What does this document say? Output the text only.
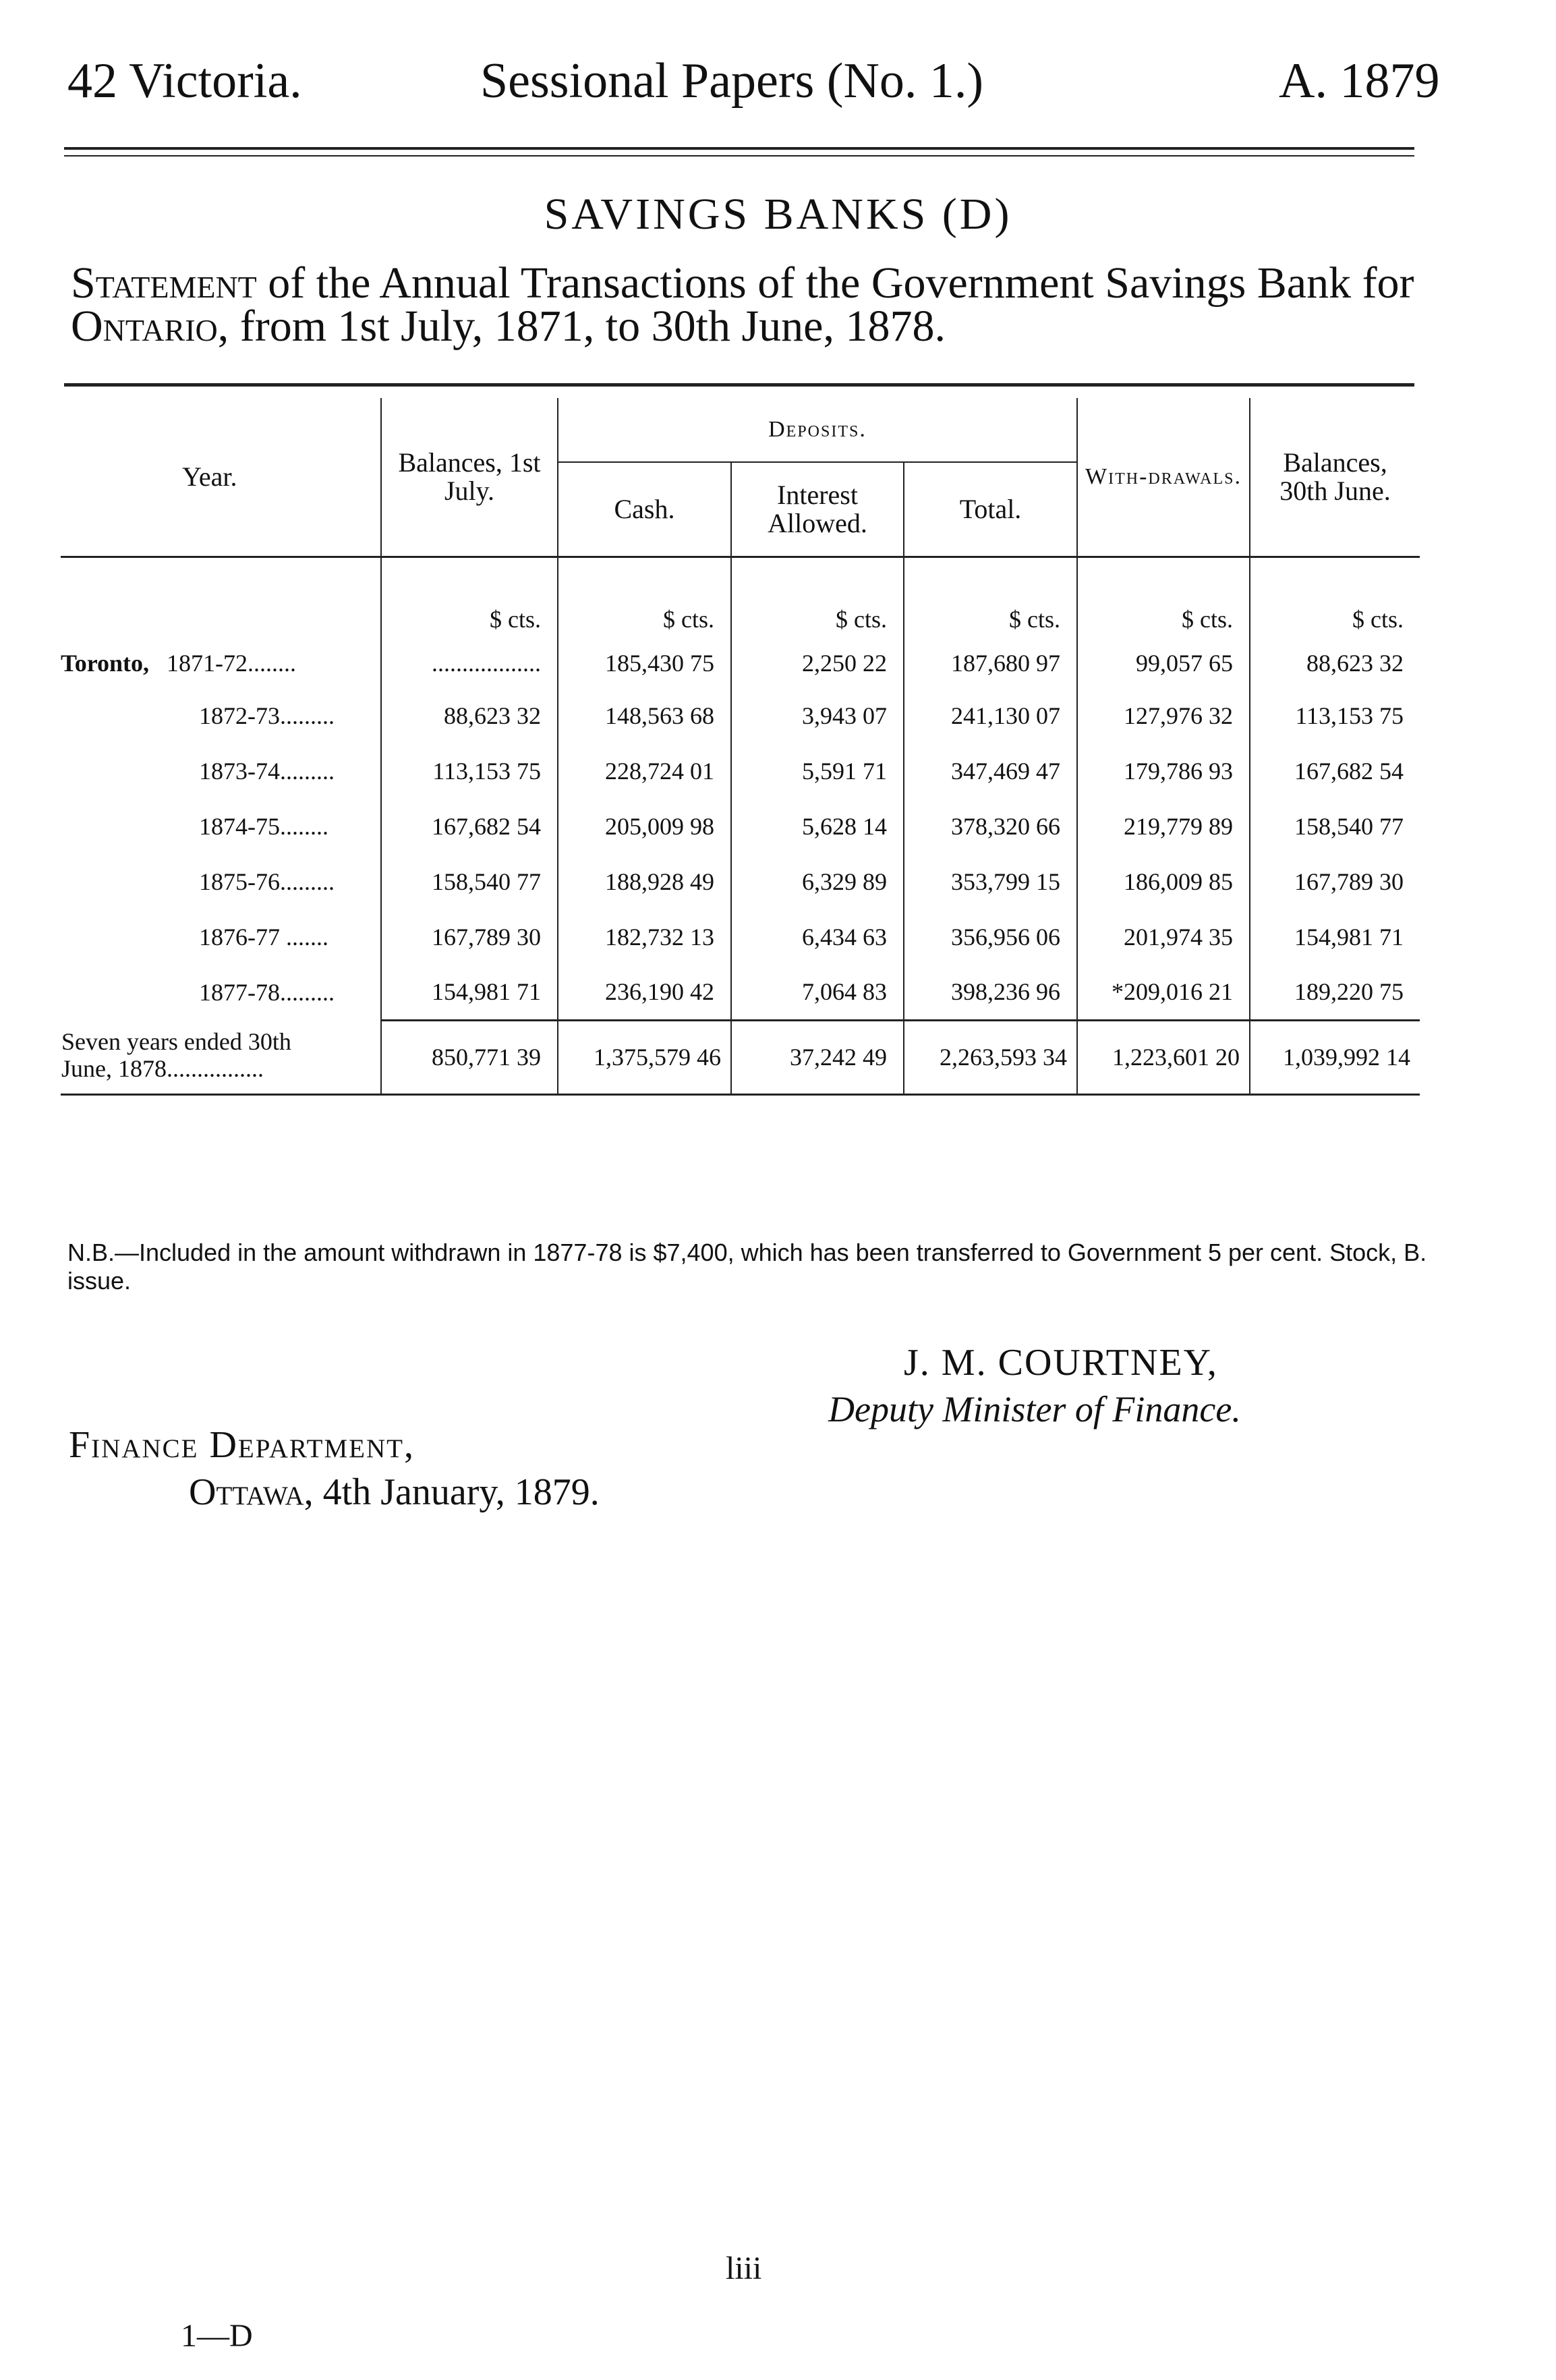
42 Victoria.	Sessional Papers (No. 1.)	A. 1879
SAVINGS BANKS (D)
Statement of the Annual Transactions of the Government Savings Bank for Ontario, from 1st July, 1871, to 30th June, 1878.
Year.	Balances, 1st July.	Deposits.			With-drawals.	Balances, 30th June.
		Cash.	Interest Allowed.	Total.		
	$ cts.	$ cts.	$ cts.	$ cts.	$ cts.	$ cts.
Toronto, 1871-72........	..................	185,430 75	2,250 22	187,680 97	99,057 65	88,623 32
1872-73.........	88,623 32	148,563 68	3,943 07	241,130 07	127,976 32	113,153 75
1873-74.........	113,153 75	228,724 01	5,591 71	347,469 47	179,786 93	167,682 54
1874-75........	167,682 54	205,009 98	5,628 14	378,320 66	219,779 89	158,540 77
1875-76.........	158,540 77	188,928 49	6,329 89	353,799 15	186,009 85	167,789 30
1876-77 .......	167,789 30	182,732 13	6,434 63	356,956 06	201,974 35	154,981 71
1877-78.........	154,981 71	236,190 42	7,064 83	398,236 96	*209,016 21	189,220 75

Seven years ended 30th
June, 1878................	850,771 39	1,375,579 46	37,242 49	2,263,593 34	1,223,601 20	1,039,992 14
N.B.—Included in the amount withdrawn in 1877-78 is $7,400, which has been transferred to Government 5 per cent. Stock, B. issue.
J. M. COURTNEY,
Deputy Minister of Finance.
Finance Department,
Ottawa, 4th January, 1879.
liii
1—D
